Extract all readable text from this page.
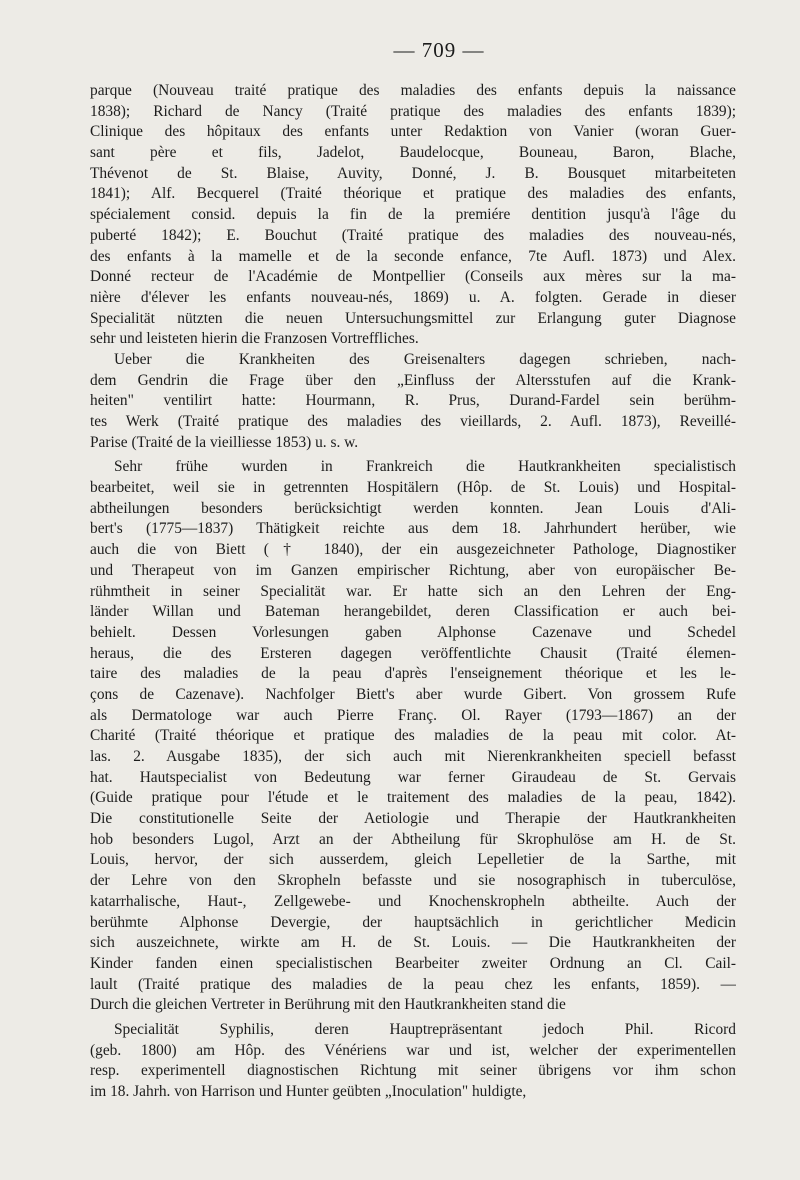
— 709 —
parque (Nouveau traité pratique des maladies des enfants depuis la naissance
1838); Richard de Nancy (Traité pratique des maladies des enfants 1839);
Clinique des hôpitaux des enfants unter Redaktion von Vanier (woran Guer-
sant père et fils, Jadelot, Baudelocque, Bouneau, Baron, Blache,
Thévenot de St. Blaise, Auvity, Donné, J. B. Bousquet mitarbeiteten
1841); Alf. Becquerel (Traité théorique et pratique des maladies des enfants,
spécialement consid. depuis la fin de la premiére dentition jusqu'à l'âge du
puberté 1842); E. Bouchut (Traité pratique des maladies des nouveau-nés,
des enfants à la mamelle et de la seconde enfance, 7te Aufl. 1873) und Alex.
Donné recteur de l'Académie de Montpellier (Conseils aux mères sur la ma-
nière d'élever les enfants nouveau-nés, 1869) u. A. folgten. Gerade in dieser
Specialität nützten die neuen Untersuchungsmittel zur Erlangung guter Diagnose
sehr und leisteten hierin die Franzosen Vortreffliches.
Ueber die Krankheiten des Greisenalters dagegen schrieben, nach-
dem Gendrin die Frage über den „Einfluss der Altersstufen auf die Krank-
heiten" ventilirt hatte: Hourmann, R. Prus, Durand-Fardel sein berühm-
tes Werk (Traité pratique des maladies des vieillards, 2. Aufl. 1873), Reveillé-
Parise (Traité de la vieilliesse 1853) u. s. w.
Sehr frühe wurden in Frankreich die Hautkrankheiten specialistisch
bearbeitet, weil sie in getrennten Hospitälern (Hôp. de St. Louis) und Hospital-
abtheilungen besonders berücksichtigt werden konnten. Jean Louis d'Ali-
bert's (1775—1837) Thätigkeit reichte aus dem 18. Jahrhundert herüber, wie
auch die von Biett († 1840), der ein ausgezeichneter Pathologe, Diagnostiker
und Therapeut von im Ganzen empirischer Richtung, aber von europäischer Be-
rühmtheit in seiner Specialität war. Er hatte sich an den Lehren der Eng-
länder Willan und Bateman herangebildet, deren Classification er auch bei-
behielt. Dessen Vorlesungen gaben Alphonse Cazenave und Schedel
heraus, die des Ersteren dagegen veröffentlichte Chausit (Traité élemen-
taire des maladies de la peau d'après l'enseignement théorique et les le-
çons de Cazenave). Nachfolger Biett's aber wurde Gibert. Von grossem Rufe
als Dermatologe war auch Pierre Franç. Ol. Rayer (1793—1867) an der
Charité (Traité théorique et pratique des maladies de la peau mit color. At-
las. 2. Ausgabe 1835), der sich auch mit Nierenkrankheiten speciell befasst
hat. Hautspecialist von Bedeutung war ferner Giraudeau de St. Gervais
(Guide pratique pour l'étude et le traitement des maladies de la peau, 1842).
Die constitutionelle Seite der Aetiologie und Therapie der Hautkrankheiten
hob besonders Lugol, Arzt an der Abtheilung für Skrophulöse am H. de St.
Louis, hervor, der sich ausserdem, gleich Lepelletier de la Sarthe, mit
der Lehre von den Skropheln befasste und sie nosographisch in tuberculöse,
katarrhalische, Haut-, Zellgewebe- und Knochenskropheln abtheilte. Auch der
berühmte Alphonse Devergie, der hauptsächlich in gerichtlicher Medicin
sich auszeichnete, wirkte am H. de St. Louis. — Die Hautkrankheiten der
Kinder fanden einen specialistischen Bearbeiter zweiter Ordnung an Cl. Cail-
lault (Traité pratique des maladies de la peau chez les enfants, 1859). —
Durch die gleichen Vertreter in Berührung mit den Hautkrankheiten stand die
Specialität Syphilis, deren Hauptrepräsentant jedoch Phil. Ricord
(geb. 1800) am Hôp. des Vénériens war und ist, welcher der experimentellen
resp. experimentell diagnostischen Richtung mit seiner übrigens vor ihm schon
im 18. Jahrh. von Harrison und Hunter geübten „Inoculation" huldigte,
